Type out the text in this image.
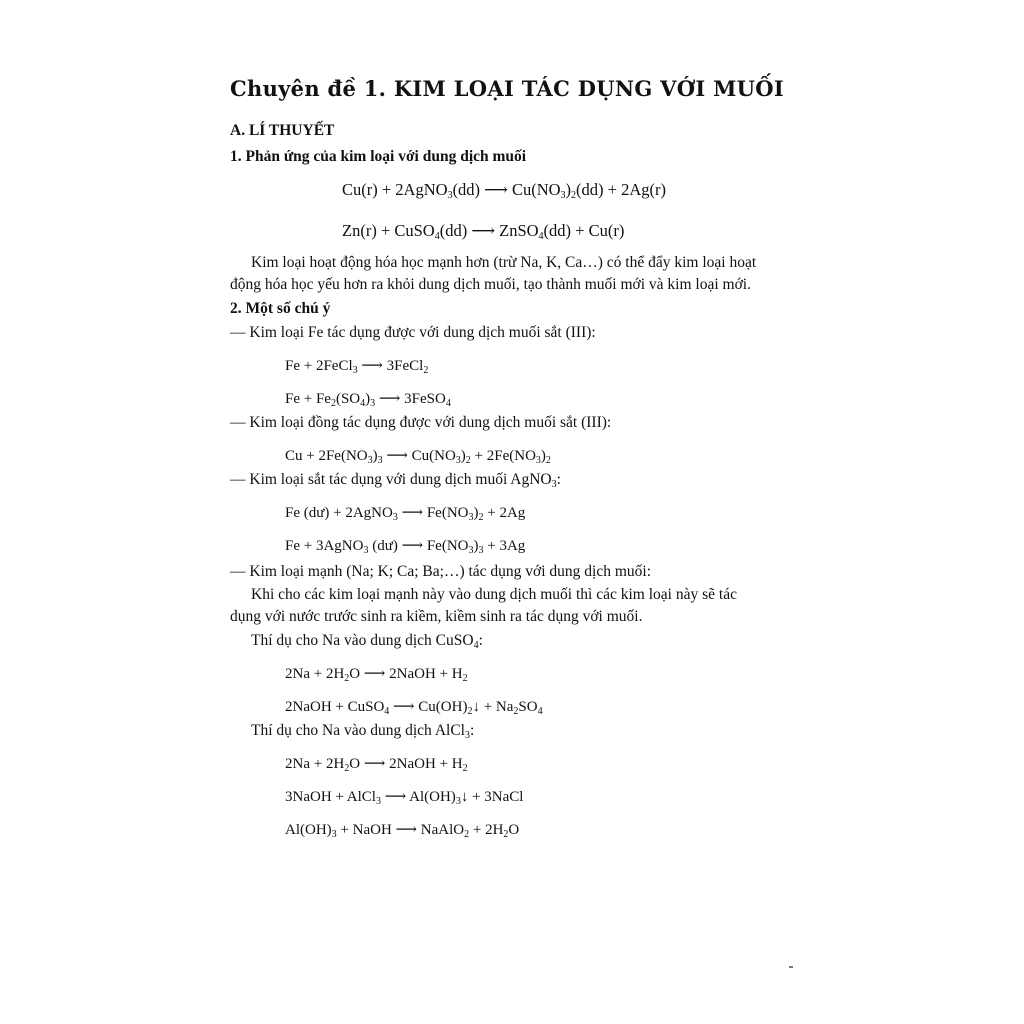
Chuyên đề 1. KIM LOẠI TÁC DỤNG VỚI MUỐI
A. LÍ THUYẾT
1. Phản ứng của kim loại với dung dịch muối
Cu(r) + 2AgNO$_3$(dd) ⟶ $Cu(NO_3)_2(dd) + 2Ag(r)$
Zn(r) + CuSO$_4$(dd) ⟶ ZnSO$_4$(dd) + Cu(r)
Kim loại hoạt động hóa học mạnh hơn (trừ Na, K, Ca…) có thể đẩy kim loại hoạt
động hóa học yếu hơn ra khỏi dung dịch muối, tạo thành muối mới và kim loại mới.
2. Một số chú ý
— Kim loại Fe tác dụng được với dung dịch muối sắt (III):
Fe + 2FeCl$_3$ ⟶ 3FeCl$_2$
$Fe + Fe_2(SO_4)_3$ ⟶ 3FeSO$_4$
— Kim loại đồng tác dụng được với dung dịch muối sắt (III):
$Cu + 2Fe(NO_3)_3$ ⟶ $Cu(NO_3)_2 + 2Fe(NO_3)_2$
— Kim loại sắt tác dụng với dung dịch muối AgNO$_3$:
Fe (dư) + 2AgNO$_3$ ⟶ $Fe(NO_3)_2 + 2Ag$
Fe + 3AgNO$_3$ (dư) ⟶ $Fe(NO_3)_3 + 3Ag$
— Kim loại mạnh (Na; K; Ca; Ba;…) tác dụng với dung dịch muối:
Khi cho các kim loại mạnh này vào dung dịch muối thì các kim loại này sẽ tác
dụng với nước trước sinh ra kiềm, kiềm sinh ra tác dụng với muối.
Thí dụ cho Na vào dung dịch CuSO$_4$:
$2Na + 2H_2O$ ⟶ 2NaOH + $H_2$
2NaOH + CuSO$_4$ ⟶ $Cu(OH)_2↓ + Na_2SO_4$
Thí dụ cho Na vào dung dịch AlCl$_3$:
$2Na + 2H_2O$ ⟶ 2NaOH + $H_2$
3NaOH + AlCl$_3$ ⟶ $Al(OH)_3↓$ + 3NaCl
$Al(OH)_3$ + NaOH ⟶ NaAlO$_2$ + $2H_2O$
